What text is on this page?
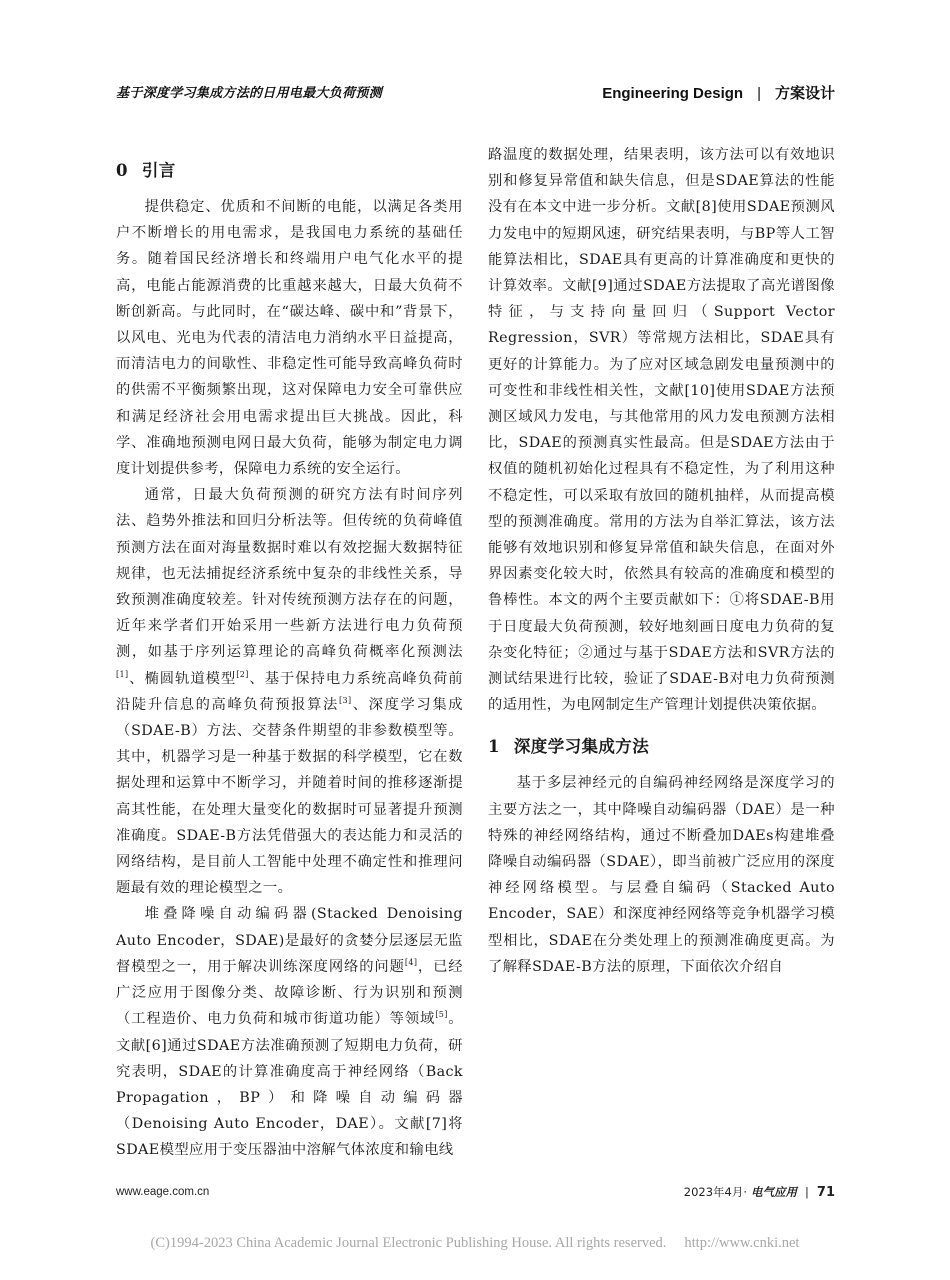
基于深度学习集成方法的日用电最大负荷预测	Engineering Design | 方案设计
0 引言

提供稳定、优质和不间断的电能，以满足各类用户不断增长的用电需求，是我国电力系统的基础任务。随着国民经济增长和终端用户电气化水平的提高，电能占能源消费的比重越来越大，日最大负荷不断创新高。与此同时，在“碳达峰、碳中和”背景下，以风电、光电为代表的清洁电力消纳水平日益提高，而清洁电力的间歇性、非稳定性可能导致高峰负荷时的供需不平衡频繁出现，这对保障电力安全可靠供应和满足经济社会用电需求提出巨大挑战。因此，科学、准确地预测电网日最大负荷，能够为制定电力调度计划提供参考，保障电力系统的安全运行。

通常，日最大负荷预测的研究方法有时间序列法、趋势外推法和回归分析法等。但传统的负荷峰值预测方法在面对海量数据时难以有效挖掘大数据特征规律，也无法捕捉经济系统中复杂的非线性关系，导致预测准确度较差。针对传统预测方法存在的问题，近年来学者们开始采用一些新方法进行电力负荷预测，如基于序列运算理论的高峰负荷概率化预测法[1]、椭圆轨道模型[2]、基于保持电力系统高峰负荷前沿陡升信息的高峰负荷预报算法[3]、深度学习集成（SDAE-B）方法、交替条件期望的非参数模型等。其中，机器学习是一种基于数据的科学模型，它在数据处理和运算中不断学习，并随着时间的推移逐渐提高其性能，在处理大量变化的数据时可显著提升预测准确度。SDAE-B方法凭借强大的表达能力和灵活的网络结构，是目前人工智能中处理不确定性和推理问题最有效的理论模型之一。

堆叠降噪自动编码器(Stacked Denoising Auto Encoder，SDAE)是最好的贪婪分层逐层无监督模型之一，用于解决训练深度网络的问题[4]，已经广泛应用于图像分类、故障诊断、行为识别和预测（工程造价、电力负荷和城市街道功能）等领域[5]。文献[6]通过SDAE方法准确预测了短期电力负荷，研究表明，SDAE的计算准确度高于神经网络（Back Propagation，BP）和降噪自动编码器（Denoising Auto Encoder，DAE）。文献[7]将SDAE模型应用于变压器油中溶解气体浓度和输电线

路温度的数据处理，结果表明，该方法可以有效地识别和修复异常值和缺失信息，但是SDAE算法的性能没有在本文中进一步分析。文献[8]使用SDAE预测风力发电中的短期风速，研究结果表明，与BP等人工智能算法相比，SDAE具有更高的计算准确度和更快的计算效率。文献[9]通过SDAE方法提取了高光谱图像特征，与支持向量回归（Support Vector Regression，SVR）等常规方法相比，SDAE具有更好的计算能力。为了应对区域急剧发电量预测中的可变性和非线性相关性，文献[10]使用SDAE方法预测区域风力发电，与其他常用的风力发电预测方法相比，SDAE的预测真实性最高。但是SDAE方法由于权值的随机初始化过程具有不稳定性，为了利用这种不稳定性，可以采取有放回的随机抽样，从而提高模型的预测准确度。常用的方法为自举汇算法，该方法能够有效地识别和修复异常值和缺失信息，在面对外界因素变化较大时，依然具有较高的准确度和模型的鲁棒性。本文的两个主要贡献如下：①将SDAE-B用于日度最大负荷预测，较好地刻画日度电力负荷的复杂变化特征；②通过与基于SDAE方法和SVR方法的测试结果进行比较，验证了SDAE-B对电力负荷预测的适用性，为电网制定生产管理计划提供决策依据。

1 深度学习集成方法

基于多层神经元的自编码神经网络是深度学习的主要方法之一，其中降噪自动编码器（DAE）是一种特殊的神经网络结构，通过不断叠加DAEs构建堆叠降噪自动编码器（SDAE），即当前被广泛应用的深度神经网络模型。与层叠自编码（Stacked Auto Encoder，SAE）和深度神经网络等竞争机器学习模型相比，SDAE在分类处理上的预测准确度更高。为了解释SDAE-B方法的原理，下面依次介绍自

www.eage.com.cn	2023年4月· 电气应用 | 71
(C)1994-2023 China Academic Journal Electronic Publishing House. All rights reserved. http://www.cnki.net
